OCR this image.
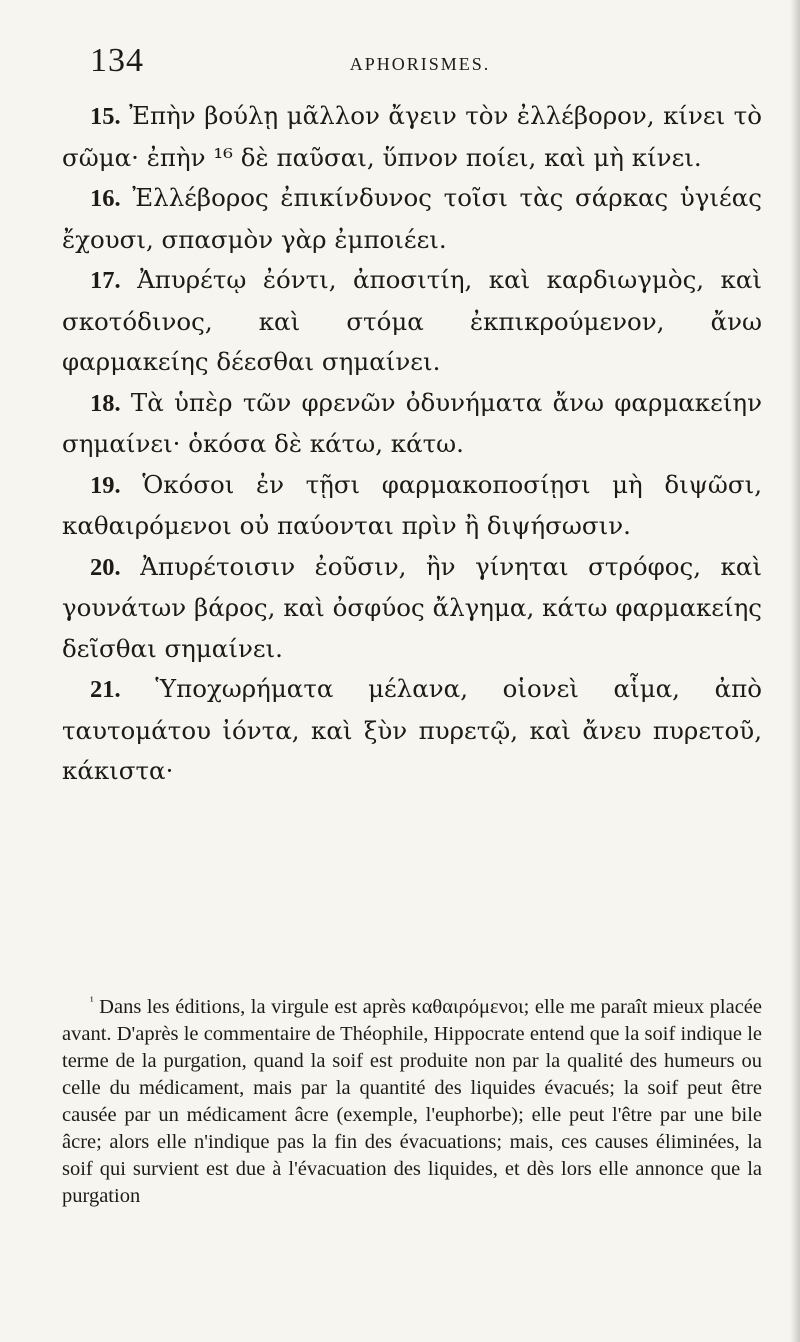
134	APHORISMES.

15. Ἐπὴν βούλῃ μᾶλλον ἄγειν τὸν ἐλλέβορον, κίνει τὸ σῶμα· ἐπὴν ¹⁶ δὲ παῦσαι, ὕπνον ποίει, καὶ μὴ κίνει.

16. Ἐλλέβορος ἐπικίνδυνος τοῖσι τὰς σάρκας ὑγιέας ἔχουσι, σπασμὸν γὰρ ἐμποιέει.

17. Ἀπυρέτῳ ἐόντι, ἀποσιτίη, καὶ καρδιωγμὸς, καὶ σκοτόδινος, καὶ στόμα ἐκπικρούμενον, ἄνω φαρμακείης δέεσθαι σημαίνει.

18. Τὰ ὑπὲρ τῶν φρενῶν ὀδυνήματα ἄνω φαρμακείην σημαίνει· ὁκόσα δὲ κάτω, κάτω.

19. Ὁκόσοι ἐν τῇσι φαρμακοποσίῃσι μὴ διψῶσι, καθαιρόμενοι οὐ παύονται πρὶν ἢ διψήσωσιν.

20. Ἀπυρέτοισιν ἐοῦσιν, ἢν γίνηται στρόφος, καὶ γουνάτων βάρος, καὶ ὀσφύος ἄλγημα, κάτω φαρμακείης δεῖσθαι σημαίνει.

21. Ὑποχωρήματα μέλανα, οἱονεὶ αἷμα, ἀπὸ ταυτομάτου ἰόντα, καὶ ξὺν πυρετῷ, καὶ ἄνευ πυρετοῦ, κάκιστα·

$^{^1}$ Dans les éditions, la virgule est après καθαιρόμενοι; elle me paraît mieux placée avant. D'après le commentaire de Théophile, Hippocrate entend que la soif indique le terme de la purgation, quand la soif est produite non par la qualité des humeurs ou celle du médicament, mais par la quantité des liquides évacués; la soif peut être causée par un médicament âcre (exemple, l'euphorbe); elle peut l'être par une bile âcre; alors elle n'indique pas la fin des évacuations; mais, ces causes éliminées, la soif qui survient est due à l'évacuation des liquides, et dès lors elle annonce que la purgation
